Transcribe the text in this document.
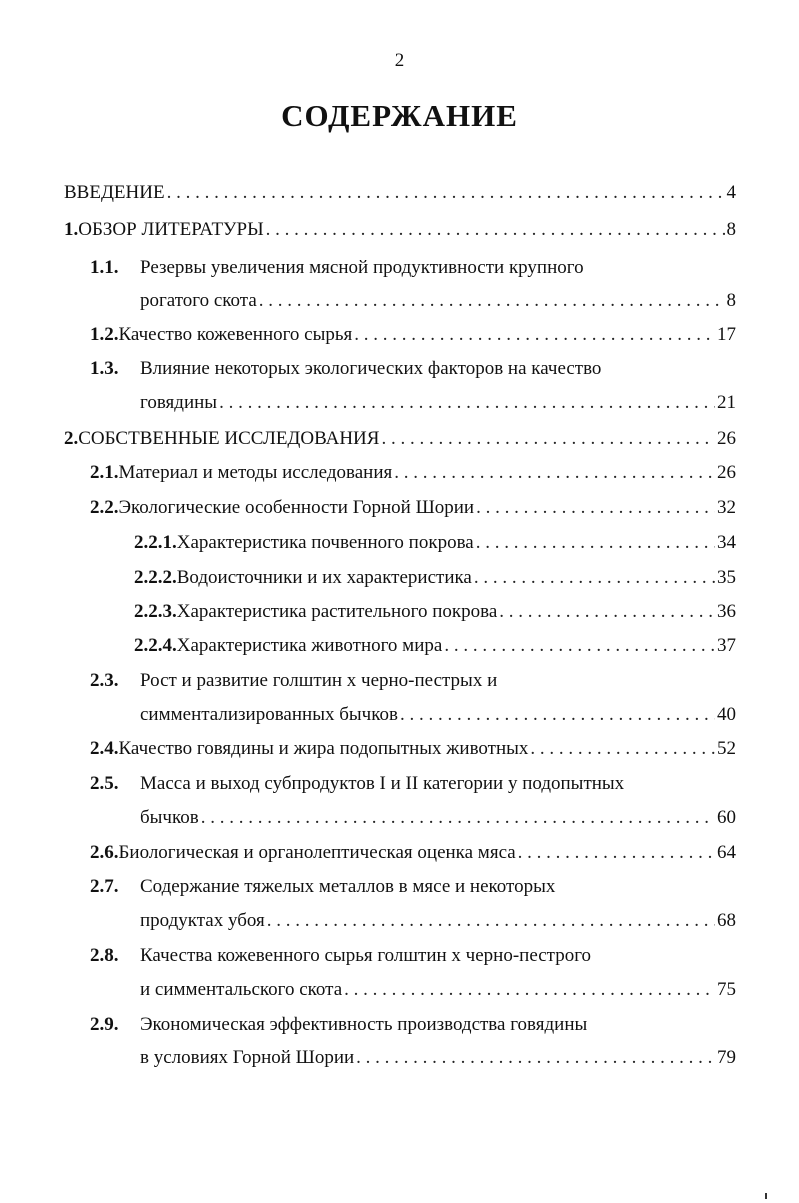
2
СОДЕРЖАНИЕ
ВВЕДЕНИЕ . . .	4
1. ОБЗОР ЛИТЕРАТУРЫ . . .	8
1.1.	Резервы увеличения мясной продуктивности крупного
рогатого скота . . .	8
1.2. Качество кожевенного сырья . . .	17
1.3.	Влияние некоторых экологических факторов на качество
говядины . . .	21
2. СОБСТВЕННЫЕ ИССЛЕДОВАНИЯ . . .	26
2.1. Материал и методы исследования . . .	26
2.2. Экологические особенности Горной Шории . . .	32
2.2.1. Характеристика почвенного покрова . . .	34
2.2.2. Водоисточники и их характеристика . . .	35
2.2.3. Характеристика растительного покрова . . .	36
2.2.4. Характеристика животного мира . . .	37
2.3.	Рост и развитие голштин х черно-пестрых и
симментализированных бычков . . .	40
2.4. Качество говядины и жира подопытных животных . . .	52
2.5.	Масса и выход субпродуктов I и II категории у подопытных
бычков . . .	60
2.6. Биологическая и органолептическая оценка мяса . . .	64
2.7.	Содержание тяжелых металлов в мясе и некоторых
продуктах убоя . . .	68
2.8.	Качества кожевенного сырья голштин х черно-пестрого
и симментальского скота . . .	75
2.9.	Экономическая эффективность производства говядины
в условиях Горной Шории . . .	79
